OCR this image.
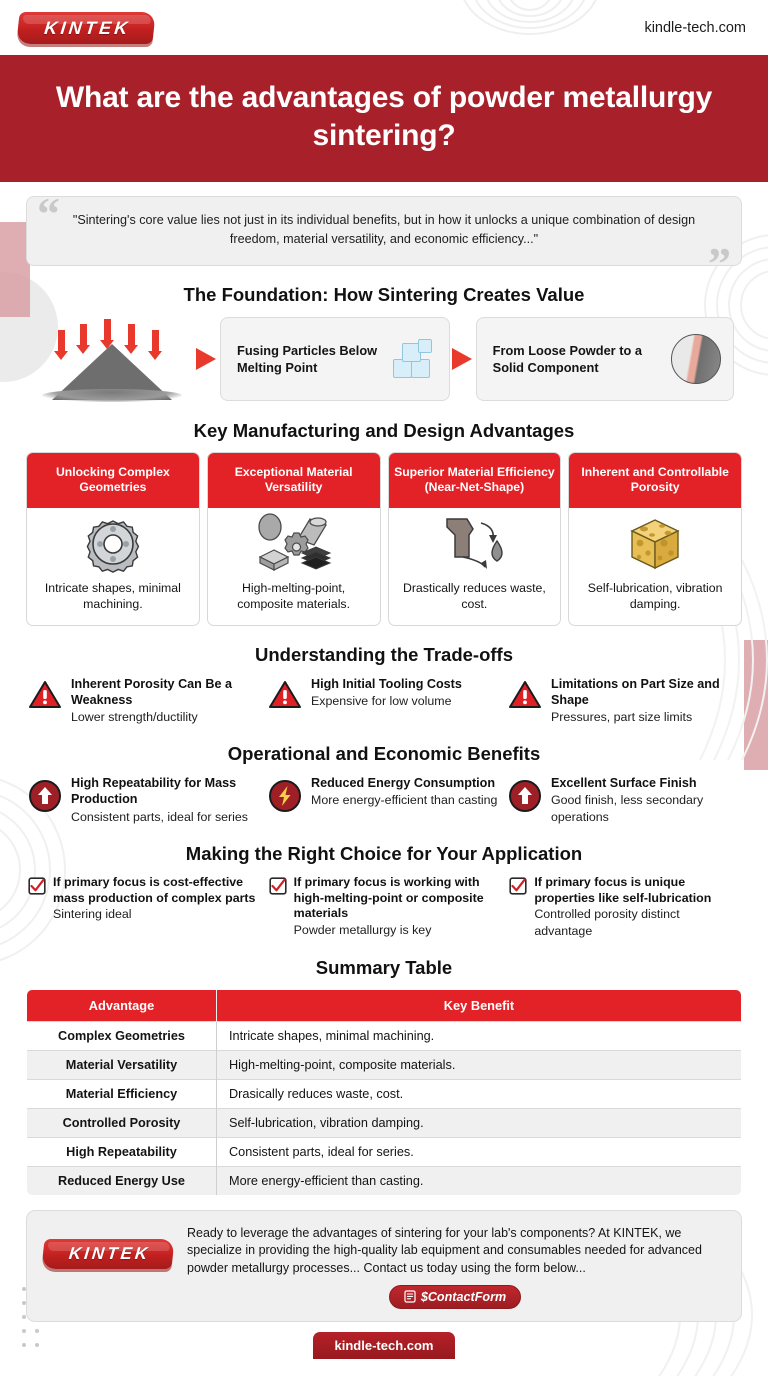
KINTEK	kindle-tech.com
What are the advantages of powder metallurgy sintering?
“	"Sintering's core value lies not just in its individual benefits, but in how it unlocks a unique combination of design freedom, material versatility, and economic efficiency..."	”
The Foundation: How Sintering Creates Value
Fusing Particles Below Melting Point
From Loose Powder to a Solid Component
Key Manufacturing and Design Advantages
Unlocking Complex Geometries
Intricate shapes, minimal machining.
Exceptional Material Versatility
High-melting-point, composite materials.
Superior Material Efficiency (Near-Net-Shape)
Drastically reduces waste, cost.
Inherent and Controllable Porosity
Self-lubrication, vibration damping.
Understanding the Trade-offs
Inherent Porosity Can Be a Weakness
Lower strength/ductility
High Initial Tooling Costs
Expensive for low volume
Limitations on Part Size and Shape
Pressures, part size limits
Operational and Economic Benefits
High Repeatability for Mass Production
Consistent parts, ideal for series
Reduced Energy Consumption
More energy-efficient than casting
Excellent Surface Finish
Good finish, less secondary operations
Making the Right Choice for Your Application
If primary focus is cost-effective mass production of complex parts
Sintering ideal
If primary focus is working with high-melting-point or composite materials
Powder metallurgy is key
If primary focus is unique properties like self-lubrication
Controlled porosity distinct advantage
Summary Table
Advantage	Key Benefit
Complex Geometries	Intricate shapes, minimal machining.
Material Versatility	High-melting-point, composite materials.
Material Efficiency	Drasically reduces waste, cost.
Controlled Porosity	Self-lubrication, vibration damping.
High Repeatability	Consistent parts, ideal for series.
Reduced Energy Use	More energy-efficient than casting.
KINTEK

Ready to leverage the advantages of sintering for your lab's components? At KINTEK, we specialize in providing the high-quality lab equipment and consumables needed for advanced powder metallurgy processes... Contact us today using the form below...

$ContactForm
kindle-tech.com
